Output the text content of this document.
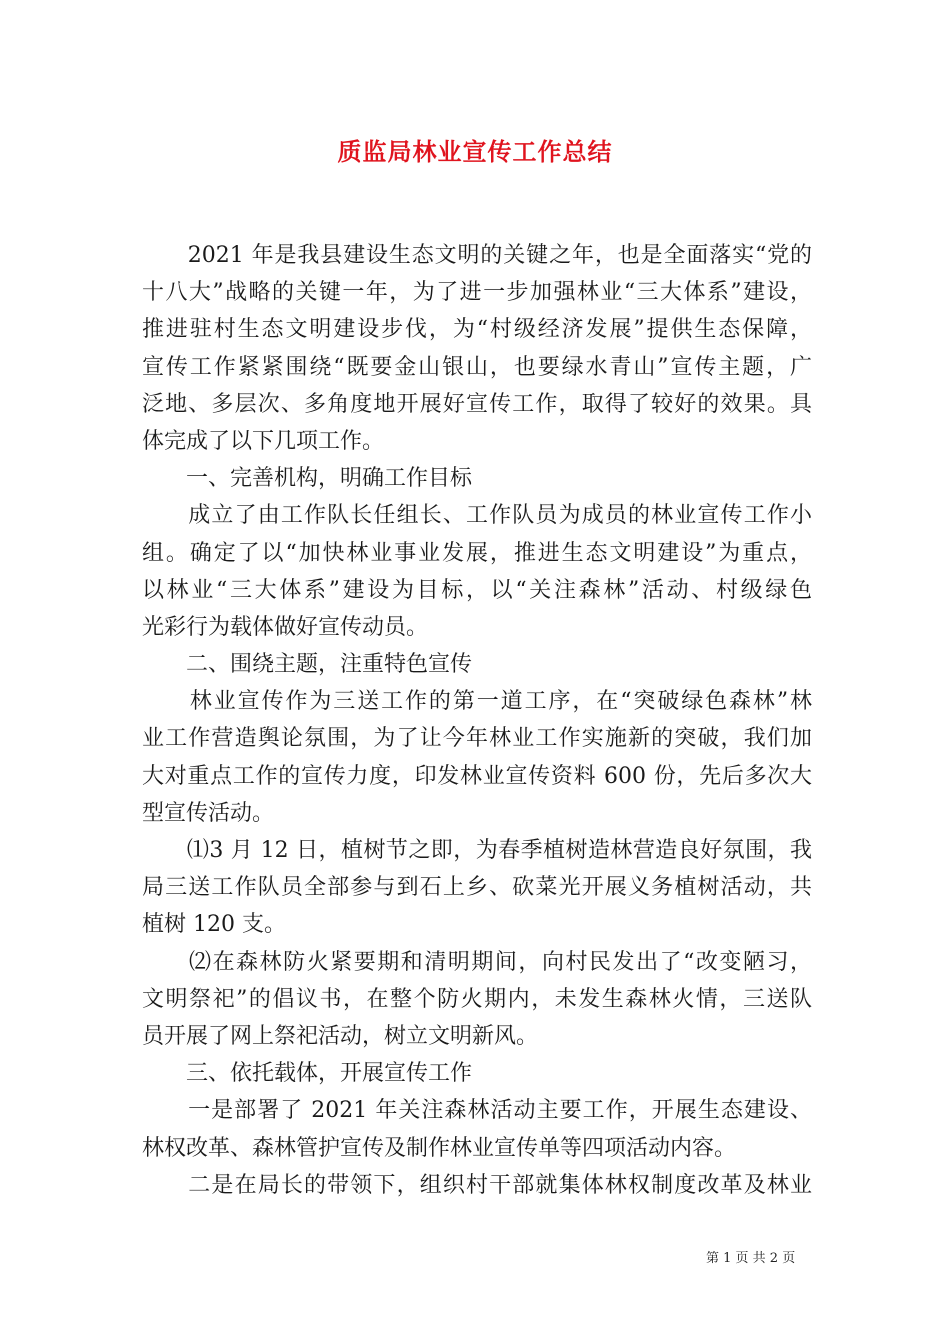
质监局林业宣传工作总结
　　2021 年是我县建设生态文明的关键之年，也是全面落实“党的
十八大”战略的关键一年，为了进一步加强林业“三大体系”建设，
推进驻村生态文明建设步伐，为“村级经济发展”提供生态保障，
宣传工作紧紧围绕“既要金山银山，也要绿水青山”宣传主题，广
泛地、多层次、多角度地开展好宣传工作，取得了较好的效果。具
体完成了以下几项工作。
　　一、完善机构，明确工作目标
　　成立了由工作队长任组长、工作队员为成员的林业宣传工作小
组。确定了以“加快林业事业发展，推进生态文明建设”为重点，
以林业“三大体系”建设为目标，以“关注森林”活动、村级绿色
光彩行为载体做好宣传动员。
　　二、围绕主题，注重特色宣传
　　林业宣传作为三送工作的第一道工序，在“突破绿色森林”林
业工作营造舆论氛围，为了让今年林业工作实施新的突破，我们加
大对重点工作的宣传力度，印发林业宣传资料 600 份，先后多次大
型宣传活动。
　　⑴3 月 12 日，植树节之即，为春季植树造林营造良好氛围，我
局三送工作队员全部参与到石上乡、砍菜光开展义务植树活动，共
植树 120 支。
　　⑵在森林防火紧要期和清明期间，向村民发出了“改变陋习，
文明祭祀”的倡议书，在整个防火期内，未发生森林火情，三送队
员开展了网上祭祀活动，树立文明新风。
　　三、依托载体，开展宣传工作
　　一是部署了 2021 年关注森林活动主要工作，开展生态建设、
林权改革、森林管护宣传及制作林业宣传单等四项活动内容。
　　二是在局长的带领下，组织村干部就集体林权制度改革及林业
第 1 页 共 2 页
